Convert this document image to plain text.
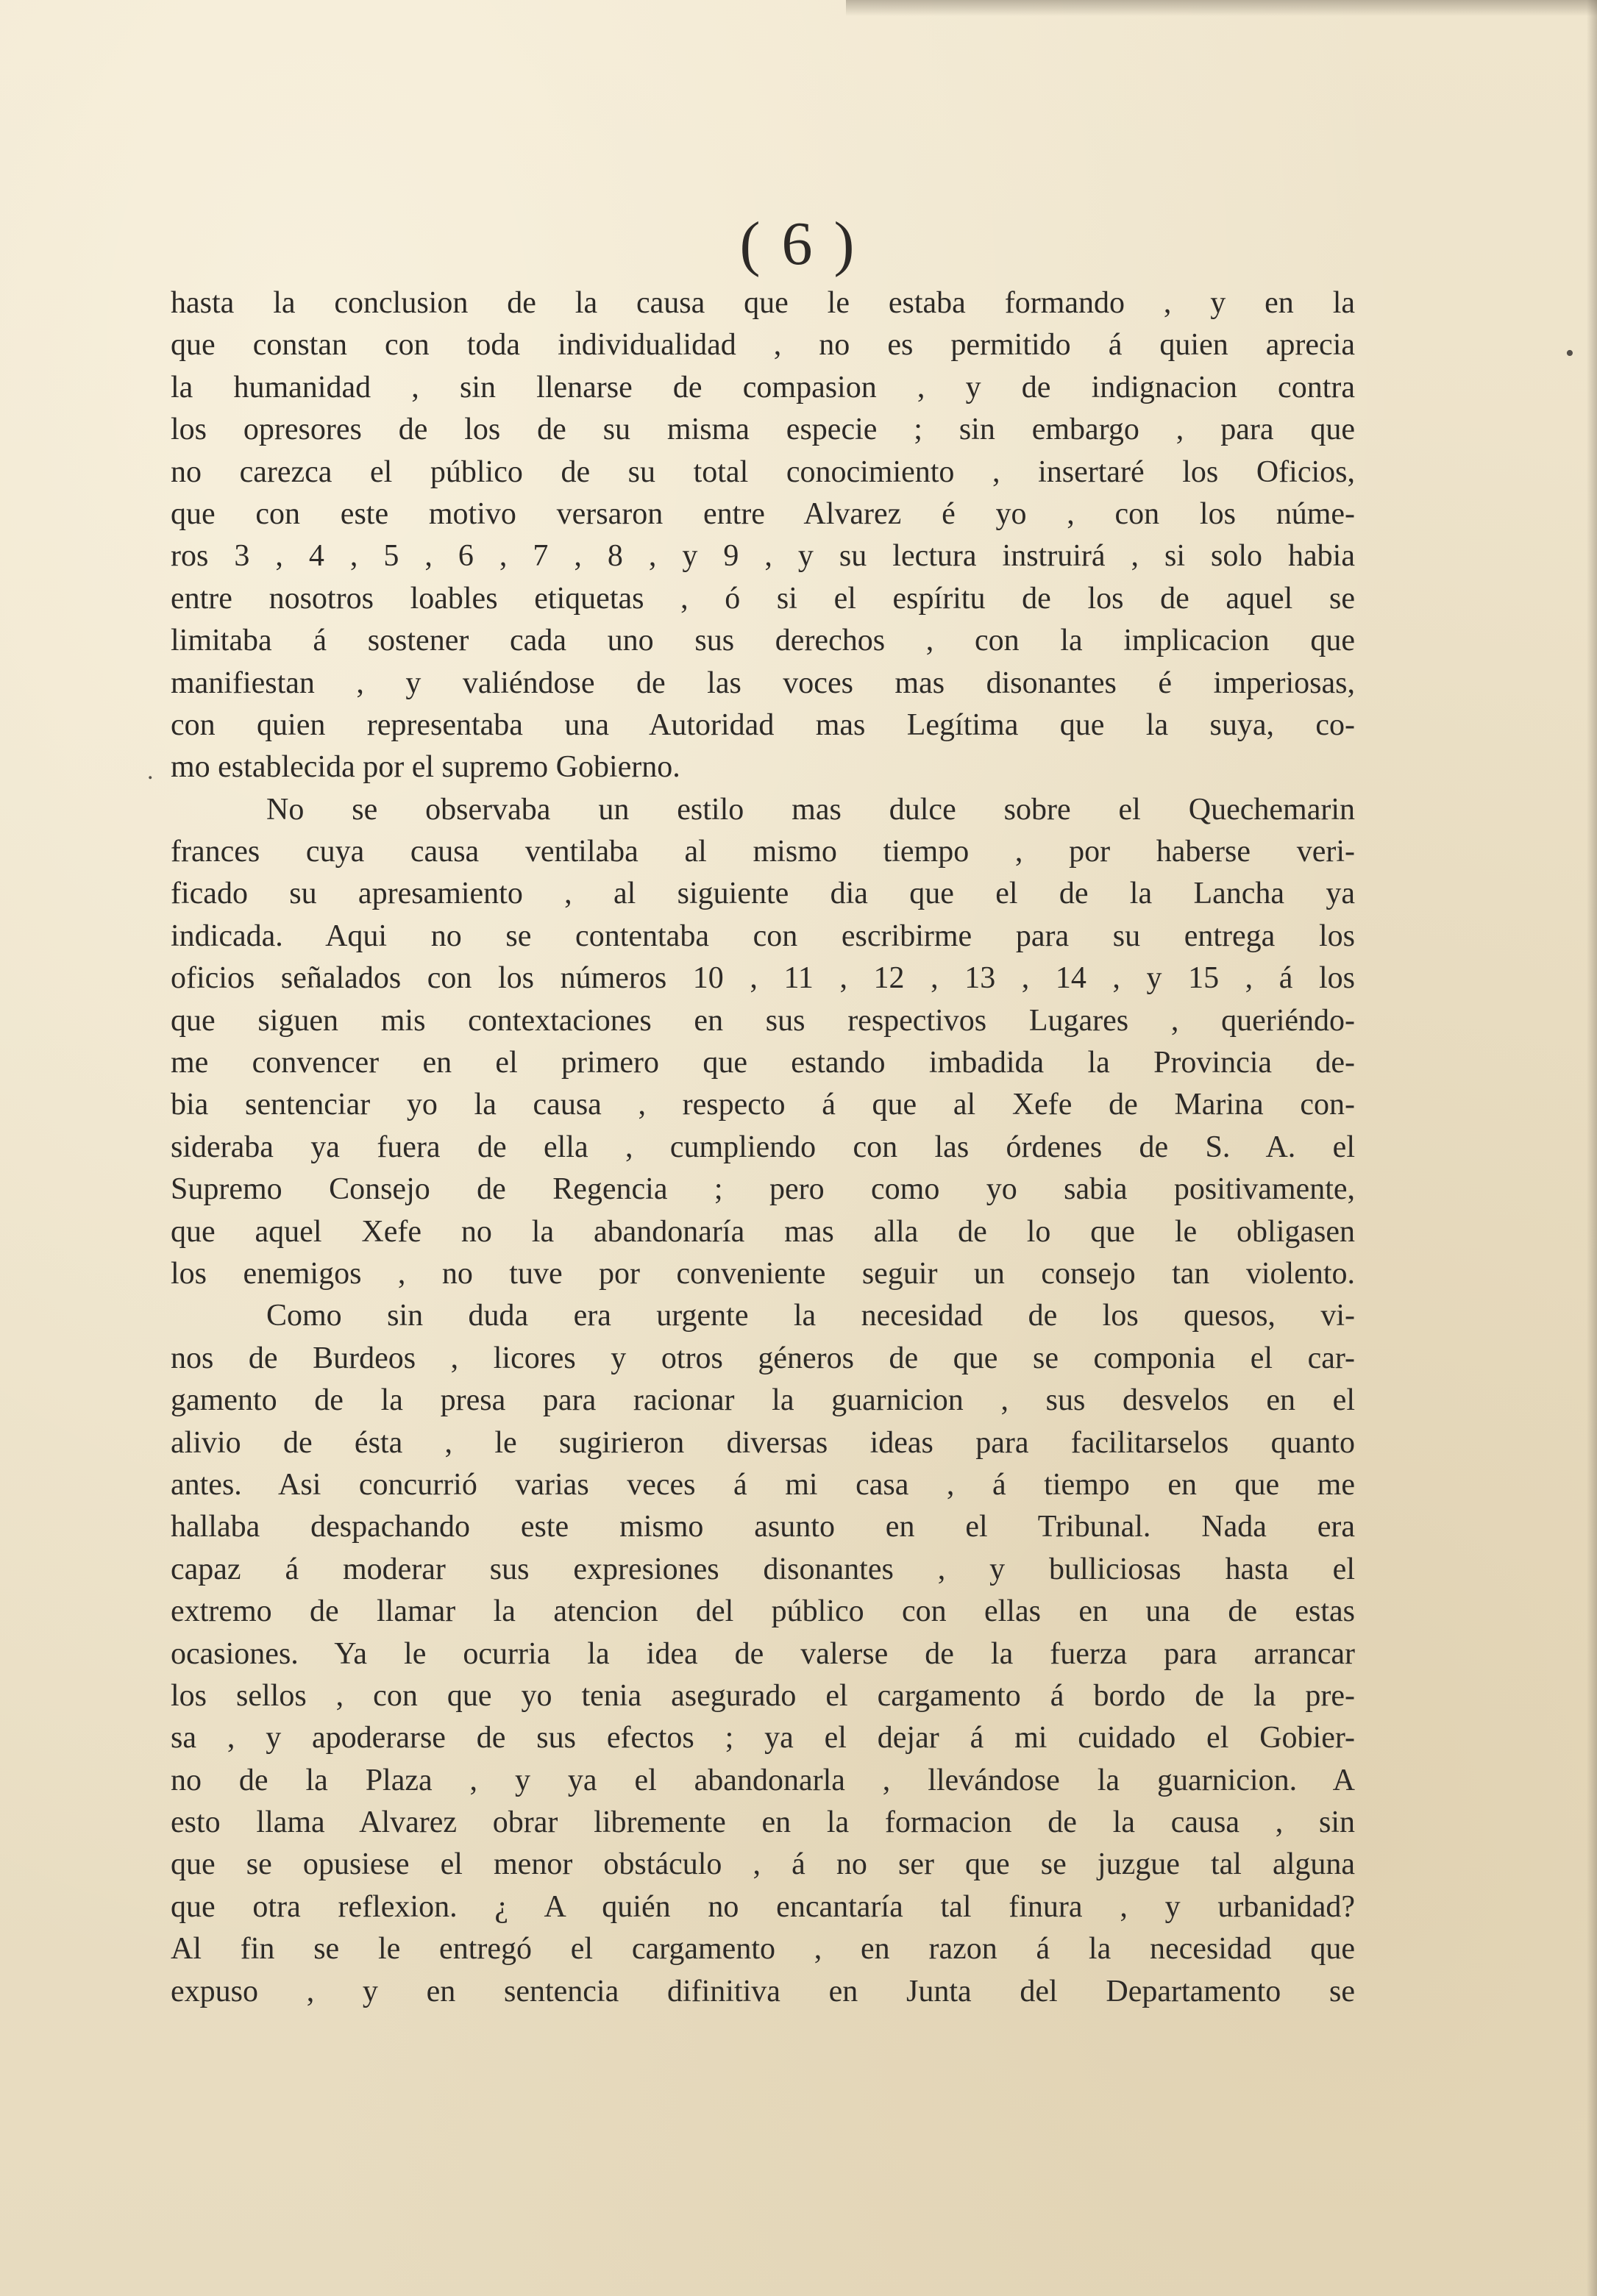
( 6 )
•
.
hasta la conclusion de la causa que le estaba formando , y en la
que constan con toda individualidad , no es permitido á quien aprecia
la humanidad , sin llenarse de compasion , y de indignacion contra
los opresores de los de su misma especie ; sin embargo , para que
no carezca el público de su total conocimiento , insertaré los Oficios,
que con este motivo versaron entre Alvarez é yo , con los núme-
ros 3 , 4 , 5 , 6 , 7 , 8 , y 9 , y su lectura instruirá , si solo habia
entre nosotros loables etiquetas , ó si el espíritu de los de aquel se
limitaba á sostener cada uno sus derechos , con la implicacion que
manifiestan , y valiéndose de las voces mas disonantes é imperiosas,
con quien representaba una Autoridad mas Legítima que la suya, co-
mo establecida por el supremo Gobierno.
No se observaba un estilo mas dulce sobre el Quechemarin
frances cuya causa ventilaba al mismo tiempo , por haberse veri-
ficado su apresamiento , al siguiente dia que el de la Lancha ya
indicada. Aqui no se contentaba con escribirme para su entrega los
oficios señalados con los números 10 , 11 , 12 , 13 , 14 , y 15 , á los
que siguen mis contextaciones en sus respectivos Lugares , queriéndo-
me convencer en el primero que estando imbadida la Provincia de-
bia sentenciar yo la causa , respecto á que al Xefe de Marina con-
sideraba ya fuera de ella , cumpliendo con las órdenes de S. A. el
Supremo Consejo de Regencia ; pero como yo sabia positivamente,
que aquel Xefe no la abandonaría mas alla de lo que le obligasen
los enemigos , no tuve por conveniente seguir un consejo tan violento.
Como sin duda era urgente la necesidad de los quesos, vi-
nos de Burdeos , licores y otros géneros de que se componia el car-
gamento de la presa para racionar la guarnicion , sus desvelos en el
alivio de ésta , le sugirieron diversas ideas para facilitarselos quanto
antes. Asi concurrió varias veces á mi casa , á tiempo en que me
hallaba despachando este mismo asunto en el Tribunal. Nada era
capaz á moderar sus expresiones disonantes , y bulliciosas hasta el
extremo de llamar la atencion del público con ellas en una de estas
ocasiones. Ya le ocurria la idea de valerse de la fuerza para arrancar
los sellos , con que yo tenia asegurado el cargamento á bordo de la pre-
sa , y apoderarse de sus efectos ; ya el dejar á mi cuidado el Gobier-
no de la Plaza , y ya el abandonarla , llevándose la guarnicion. A
esto llama Alvarez obrar libremente en la formacion de la causa , sin
que se opusiese el menor obstáculo , á no ser que se juzgue tal alguna
que otra reflexion. ¿ A quién no encantaría tal finura , y urbanidad?
Al fin se le entregó el cargamento , en razon á la necesidad que
expuso , y en sentencia difinitiva en Junta del Departamento se
